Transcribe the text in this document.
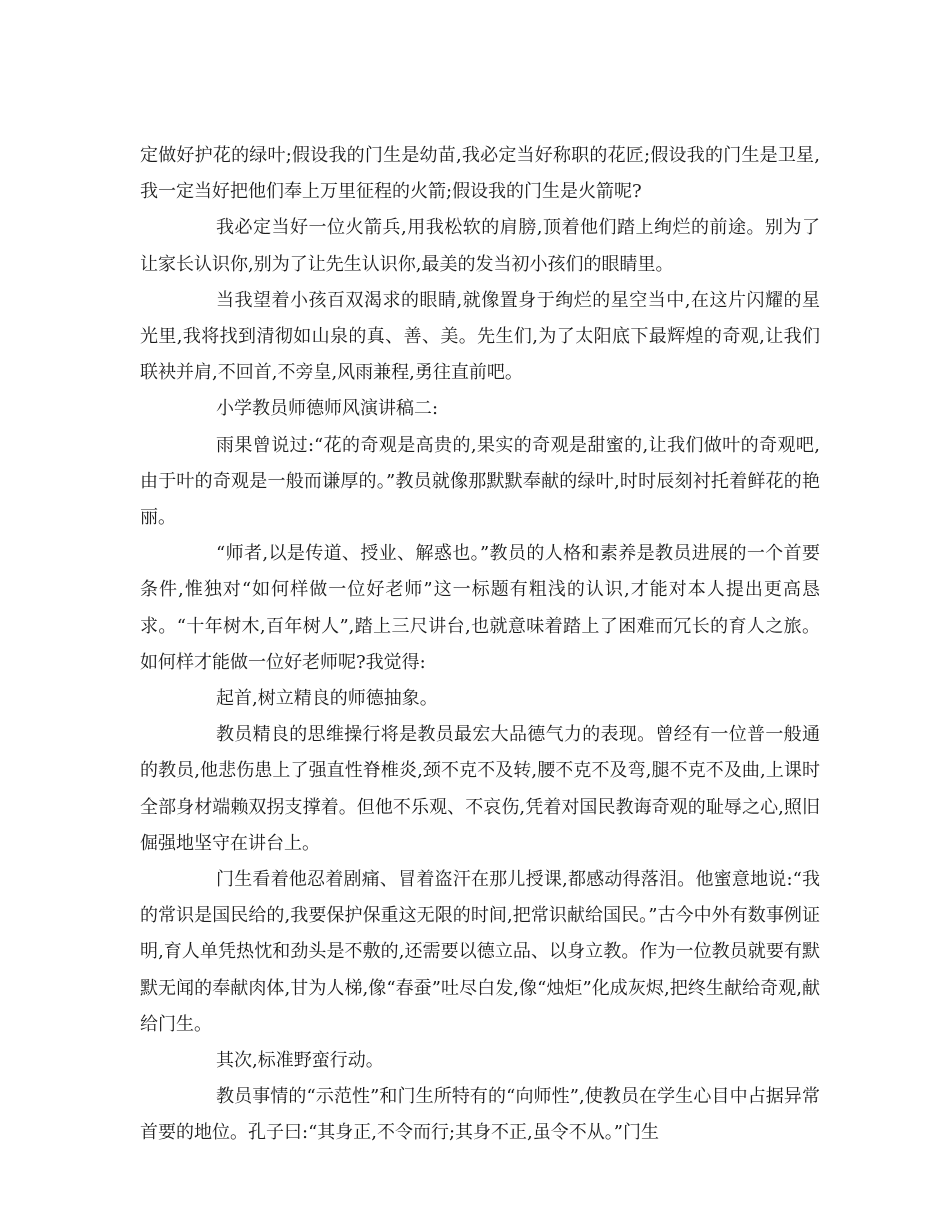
定做好护花的绿叶;假设我的门生是幼苗,我必定当好称职的花匠;假设我的门生是卫星,我一定当好把他们奉上万里征程的火箭;假设我的门生是火箭呢?

我必定当好一位火箭兵,用我松软的肩膀,顶着他们踏上绚烂的前途。别为了让家长认识你,别为了让先生认识你,最美的发当初小孩们的眼睛里。

当我望着小孩百双渴求的眼睛,就像置身于绚烂的星空当中,在这片闪耀的星光里,我将找到清彻如山泉的真、善、美。先生们,为了太阳底下最辉煌的奇观,让我们联袂并肩,不回首,不旁皇,风雨兼程,勇往直前吧。

小学教员师德师风演讲稿二:

雨果曾说过:“花的奇观是高贵的,果实的奇观是甜蜜的,让我们做叶的奇观吧,由于叶的奇观是一般而谦厚的。”教员就像那默默奉献的绿叶,时时辰刻衬托着鲜花的艳丽。

“师者,以是传道、授业、解惑也。”教员的人格和素养是教员进展的一个首要条件,惟独对“如何样做一位好老师”这一标题有粗浅的认识,才能对本人提出更高恳求。“十年树木,百年树人”,踏上三尺讲台,也就意味着踏上了困难而冗长的育人之旅。如何样才能做一位好老师呢?我觉得:

起首,树立精良的师德抽象。

教员精良的思维操行将是教员最宏大品德气力的表现。曾经有一位普一般通的教员,他悲伤患上了强直性脊椎炎,颈不克不及转,腰不克不及弯,腿不克不及曲,上课时全部身材端赖双拐支撑着。但他不乐观、不哀伤,凭着对国民教诲奇观的耻辱之心,照旧倔强地坚守在讲台上。

门生看着他忍着剧痛、冒着盗汗在那儿授课,都感动得落泪。他蜜意地说:“我的常识是国民给的,我要保护保重这无限的时间,把常识献给国民。”古今中外有数事例证明,育人单凭热忱和劲头是不敷的,还需要以德立品、以身立教。作为一位教员就要有默默无闻的奉献肉体,甘为人梯,像“春蚕”吐尽白发,像“烛炬”化成灰烬,把终生献给奇观,献给门生。

其次,标准野蛮行动。

教员事情的“示范性”和门生所特有的“向师性”,使教员在学生心目中占据异常首要的地位。孔子曰:“其身正,不令而行;其身不正,虽令不从。”门生
